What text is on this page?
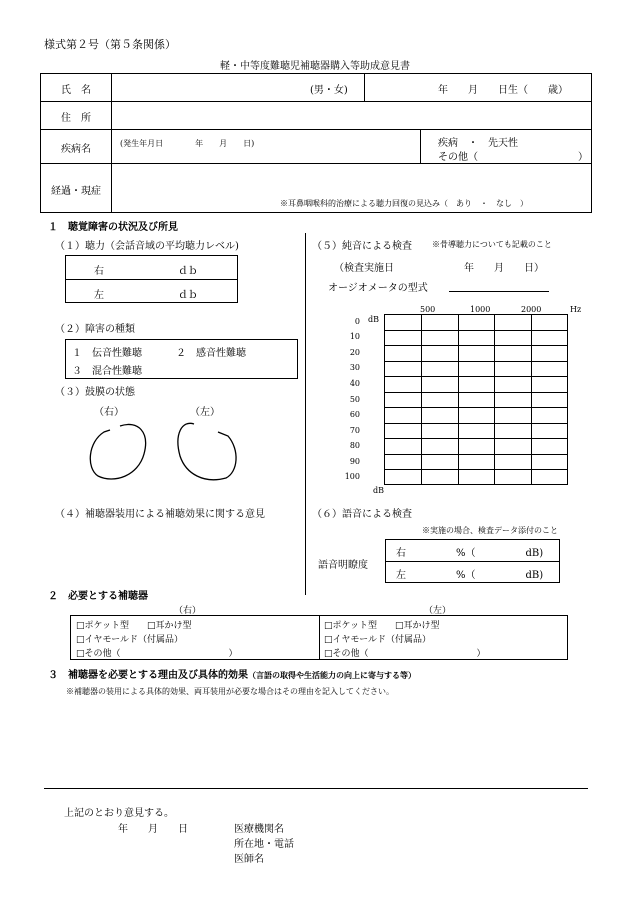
様式第２号（第５条関係）
軽・中等度難聴児補聴器購入等助成意見書
氏　名	(男・女)	年　　月　　日生（　　歳）
住　所
疾病名
(発生年月日　　　　年　　月　　日)	疾病　・　先天性
その他（　　　　　　　　　　）
経過・現症
※耳鼻咽喉科的治療による聴力回復の見込み（　あり　・　なし　）
１　聴覚障害の状況及び所見
（１）聴力（会話音域の平均聴力レベル)
右	ｄｂ
左	ｄｂ
（２）障害の種類
１　伝音性難聴	２　感音性難聴
３　混合性難聴
（３）鼓膜の状態
（右）	（左）
（４）補聴器装用による補聴効果に関する意見
（５）純音による検査	※骨導聴力についても記載のこと
（検査実施日　　　　　　　年　　月　　日）
オージオメータの型式
500	1000	2000	Hz
dB
0
10
20
30
40
50
60
70
80
90
100
dB
（６）語音による検査
※実施の場合、検査データ添付のこと
語音明瞭度
右　　　　　%（　　　　　dB)
左　　　　　%（　　　　　dB)
２　必要とする補聴器
（右）	（左）
□ポケット型　　□耳かけ型
□イヤモールド（付属品）
□その他（　　　　　　　　　　　　）
□ポケット型　　□耳かけ型
□イヤモールド（付属品）
□その他（　　　　　　　　　　　　）
３　補聴器を必要とする理由及び具体的効果（言語の取得や生活能力の向上に寄与する等）
※補聴器の装用による具体的効果、両耳装用が必要な場合はその理由を記入してください。
上記のとおり意見する。
年　　月　　日	医療機関名
所在地・電話
医師名
